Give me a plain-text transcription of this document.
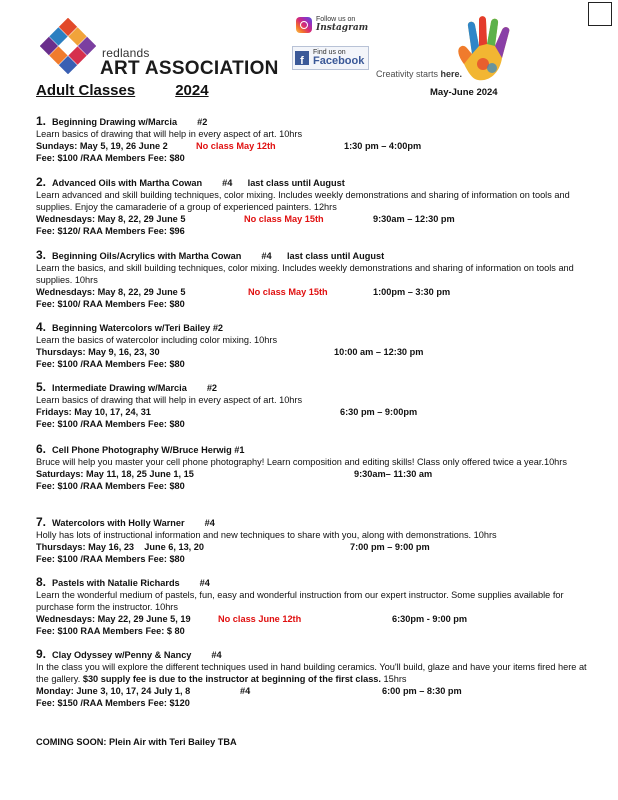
redlands
ART ASSOCIATION
Follow us on
Instagram
f
Find us on
Facebook
Creativity starts here.
Adult Classes	2024	May-June 2024
1. Beginning Drawing w/Marcia #2
Learn basics of drawing that will help in every aspect of art. 10hrs
Sundays: May 5, 19, 26 June 2	No class May 12th	1:30 pm – 4:00pm
Fee: $100 /RAA Members Fee: $80
2. Advanced Oils with Martha Cowan #4      last class until August
Learn advanced and skill building techniques, color mixing. Includes weekly demonstrations and sharing of information on tools and supplies. Enjoy the camaraderie of a group of experienced painters. 12hrs
Wednesdays: May 8, 22, 29 June 5	No class May 15th	9:30am – 12:30 pm
Fee: $120/ RAA Members Fee: $96
3. Beginning Oils/Acrylics with Martha Cowan #4      last class until August
Learn the basics, and skill building techniques, color mixing. Includes weekly demonstrations and sharing of information on tools and supplies. 10hrs
Wednesdays: May 8, 22, 29 June 5	No class May 15th	1:00pm – 3:30 pm
Fee: $100/ RAA Members Fee: $80
4. Beginning Watercolors w/Teri Bailey #2
Learn the basics of watercolor including color mixing. 10hrs
Thursdays: May 9, 16, 23, 30	10:00 am – 12:30 pm
Fee: $100 /RAA Members Fee: $80
5. Intermediate Drawing w/Marcia #2
Learn basics of drawing that will help in every aspect of art. 10hrs
Fridays: May 10, 17, 24, 31	6:30 pm – 9:00pm
Fee: $100 /RAA Members Fee: $80
6. Cell Phone Photography W/Bruce Herwig #1
Bruce will help you master your cell phone photography! Learn composition and editing skills! Class only offered twice a year.10hrs
Saturdays: May 11, 18, 25 June 1, 15	9:30am– 11:30 am
Fee: $100 /RAA Members Fee: $80
7. Watercolors with Holly Warner #4
Holly has lots of instructional information and new techniques to share with you, along with demonstrations. 10hrs
Thursdays: May 16, 23    June 6, 13, 20	7:00 pm – 9:00 pm
Fee: $100 /RAA Members Fee: $80
8. Pastels with Natalie Richards #4
Learn the wonderful medium of pastels, fun, easy and wonderful instruction from our expert instructor. Some supplies available for purchase form the instructor. 10hrs
Wednesdays: May 22, 29 June 5, 19	No class June 12th	6:30pm - 9:00 pm
Fee: $100 RAA Members Fee: $ 80
9. Clay Odyssey w/Penny & Nancy #4
In the class you will explore the different techniques used in hand building ceramics. You'll build, glaze and have your items fired here at the gallery. $30 supply fee is due to the instructor at beginning of the first class. 15hrs
Monday: June 3, 10, 17, 24 July 1, 8	#4	6:00 pm – 8:30 pm
Fee: $150 /RAA Members Fee: $120
COMING SOON: Plein Air with Teri Bailey TBA
